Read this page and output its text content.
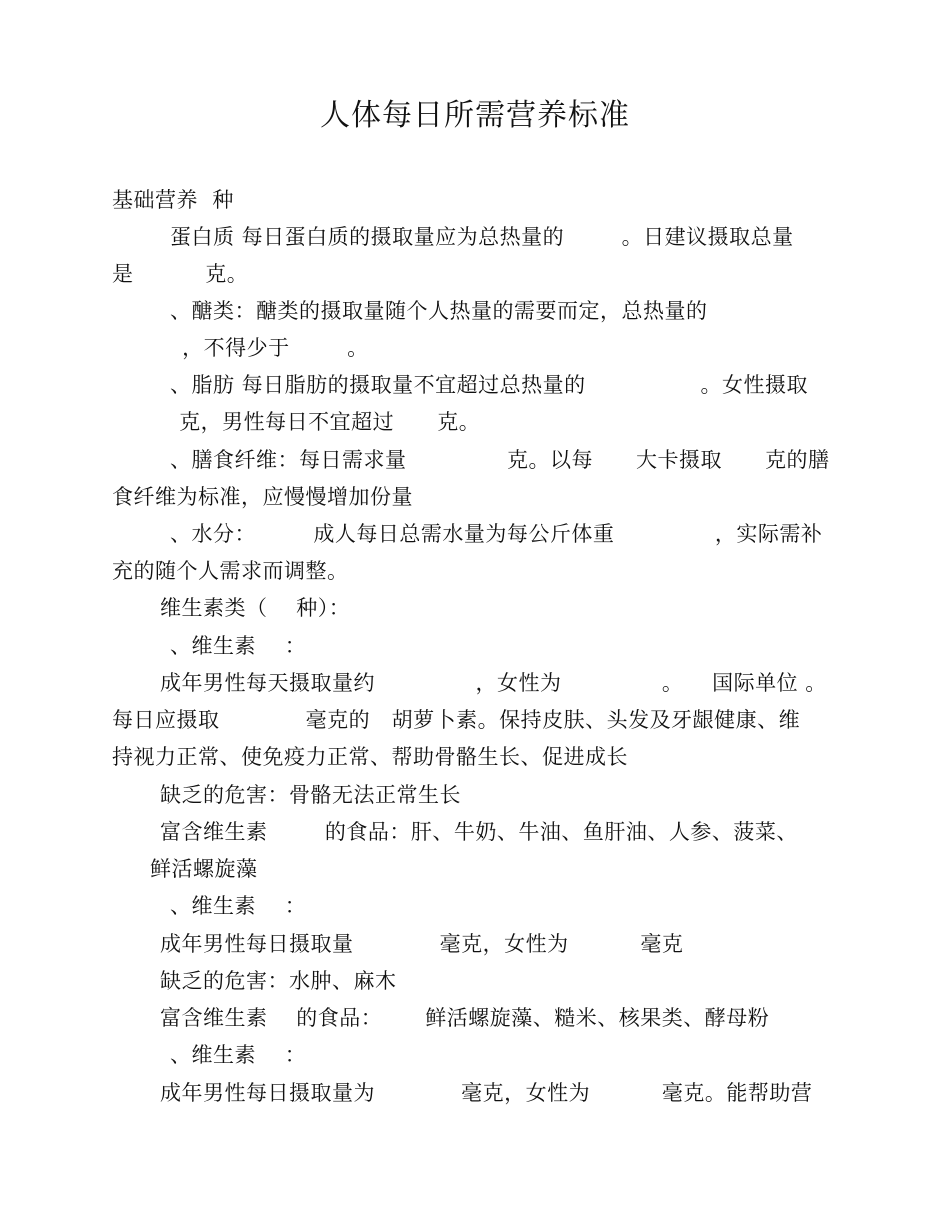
人体每日所需营养标准
基础营养  种
蛋白质 每日蛋白质的摄取量应为总热量的        。日建议摄取总量
是          克。
、醣类：醣类的摄取量随个人热量的需要而定，总热量的
，不得少于        。
、脂肪 每日脂肪的摄取量不宜超过总热量的                。女性摄取
克，男性每日不宜超过      克。
、膳食纤维：每日需求量              克。以每      大卡摄取      克的膳
食纤维为标准，应慢慢增加份量
、水分：        成人每日总需水量为每公斤体重              ，实际需补
充的随个人需求而调整。
维生素类（    种）：
、维生素    ：
成年男性每天摄取量约              ，女性为              。    国际单位 。
每日应摄取            毫克的   胡萝卜素。保持皮肤、头发及牙龈健康、维
持视力正常、使免疫力正常、帮助骨骼生长、促进成长
缺乏的危害：骨骼无法正常生长
富含维生素        的食品：肝、牛奶、牛油、鱼肝油、人参、菠菜、
鲜活螺旋藻
、维生素    ：
成年男性每日摄取量            毫克，女性为          毫克
缺乏的危害：水肿、麻木
富含维生素    的食品：      鲜活螺旋藻、糙米、核果类、酵母粉
、维生素    ：
成年男性每日摄取量为            毫克，女性为          毫克。能帮助营
